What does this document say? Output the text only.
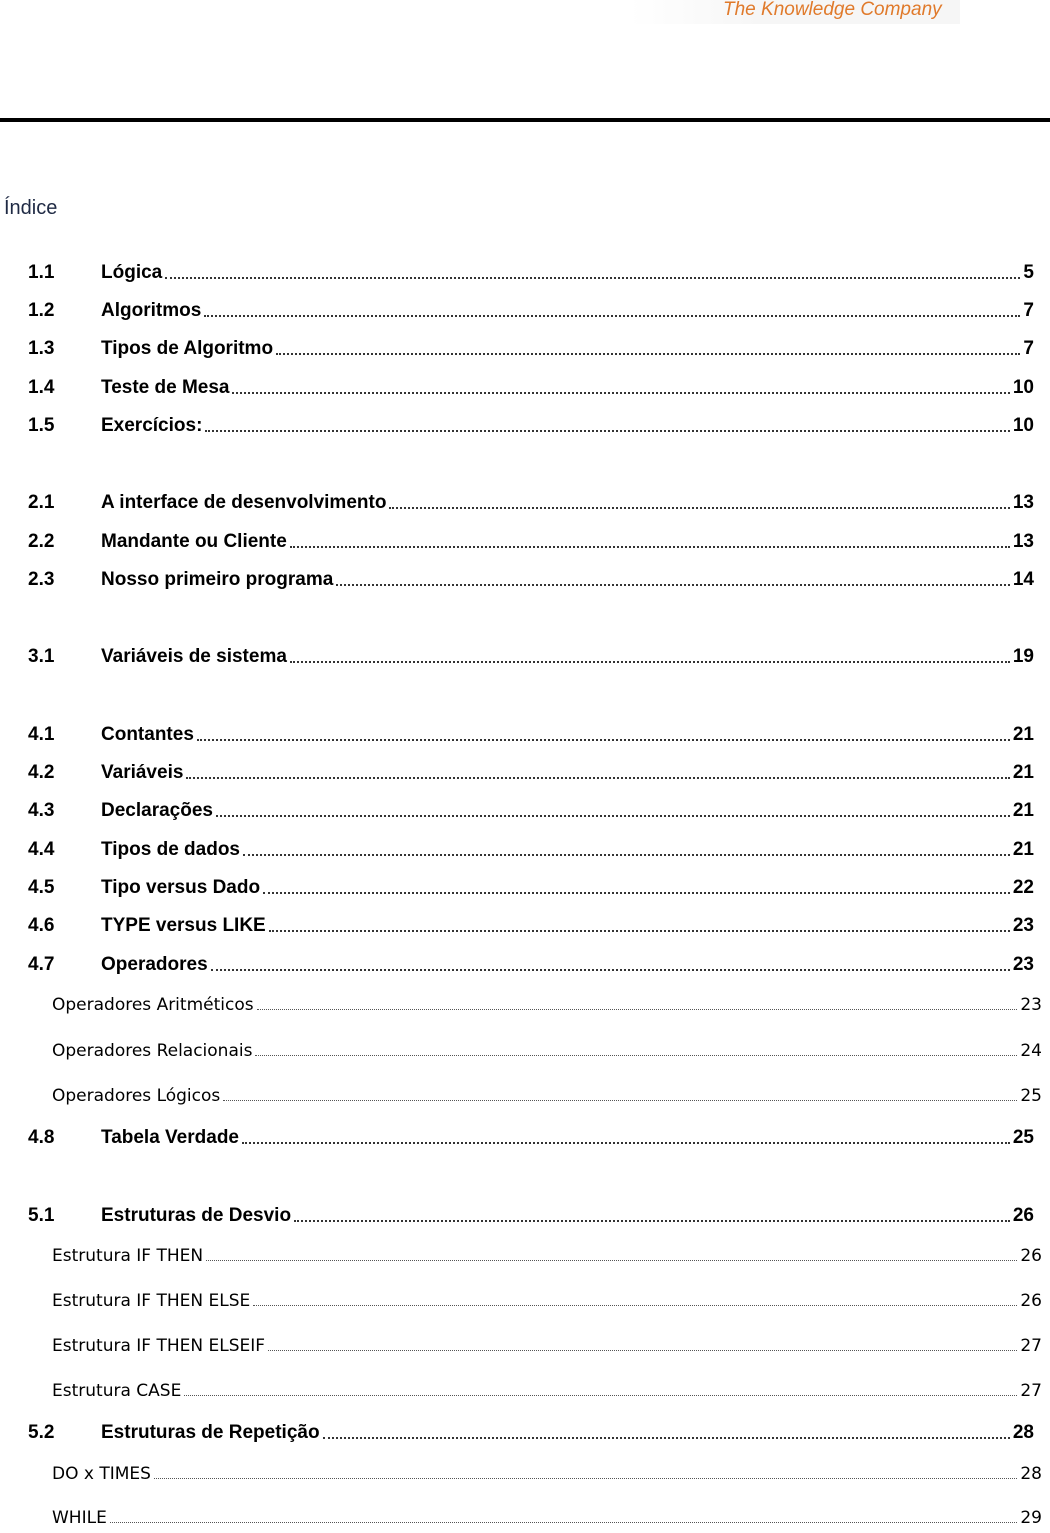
The Knowledge Company
Índice
1.1	Lógica	5
1.2	Algoritmos	7
1.3	Tipos de Algoritmo	7
1.4	Teste de Mesa	10
1.5	Exercícios:	10
2.1	A interface de desenvolvimento	13
2.2	Mandante ou Cliente	13
2.3	Nosso primeiro programa	14
3.1	Variáveis de sistema	19
4.1	Contantes	21
4.2	Variáveis	21
4.3	Declarações	21
4.4	Tipos de dados	21
4.5	Tipo versus Dado	22
4.6	TYPE versus LIKE	23
4.7	Operadores	23
Operadores Aritméticos	23
Operadores Relacionais	24
Operadores Lógicos	25
4.8	Tabela Verdade	25
5.1	Estruturas de Desvio	26
Estrutura IF THEN	26
Estrutura IF THEN ELSE	26
Estrutura IF THEN ELSEIF	27
Estrutura CASE	27
5.2	Estruturas de Repetição	28
DO x TIMES	28
WHILE	29
